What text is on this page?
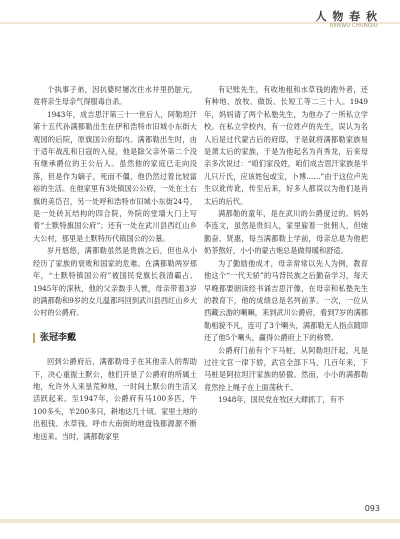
人 物 春 秋
RENWU CHUNQIU

个执事子弟，因抗婆时屡次往水井里扔脏元，竟将亲生母亲气得服毒自杀。

1943年，成吉思汗第三十一世后人，阿勒坦汗第十五代孙满都勒出生在伊和浩特市旧城小东街大观园的后院，原旗国公府邸内。满都勒出生时，由于适年战乱和日寇的入侵，他是除父亲外第二个没有继承爵位的王公后人。虽然他的家庭已走向没落，但是作为嫡子，死而不僵，他仍然过着比较富裕的生活。在他家里有3处镇国公公府，一处在土右旗的美岱召，另一处呼和浩特市旧城小东街24号，是一处砖瓦结构的四合院，外院的堂墙大门上写着“土默特旗国公府”；还有一处在武川县西红山乡大公村，那里是土默特历代镇国公的公墓。

岁月悠悠，满都勒虽然是贵族之后，但也从小经历了家族的衰败和国家的危难。在满都勒两岁那年，“土默特镇国公府”被国民党旗长我清霸占。1945年的深秋，他的父亲数手人寰，母亲带着3岁的满都勒和9岁的女儿温都玛回到武川县西红山乡大公村的公爵府。

张冠李戴

回到公爵府后，满都勒母子在其他亲人的帮助下，决心重振土默公，他们开垦了公爵府的所属土地，允许外人来垦荒种地，一时间土默公的生活又活跃起来。至1947年，公爵府有马100多匹，牛100多头，羊200多只，耕地达几十顷。家里土地的出租钱、水草钱、呼市大南街的地盘钱都源源不断地送来。当时，满都勒家里

有记账先生，有收地租和水草钱的跑外者，还有种地、放牧、做饭、长短工等二三十人。1949年，妈妈请了两个私塾先生，为他办了一所私立学校。在私立学校内，有一位姓卢的先生，误认为名人后是过代蒙古后的府邸，于是就将满都勒家族易是萧太后的家族，于是为他起名为肖秀龙，后来母亲多次说过：“咱们家没姓，咱们成吉思汗家族是半儿只斤氏，应该姓包或宝，卜博……”由于这位卢先生以讹传讹，传至后来，好多人都误以为他们是肖太后的后代。

满都勒的童年，是在武川的公爵度过的。妈妈李连文，虽然是贵妇人，家里雇着一批佣人，但她勤奋、贤惠，每当满都勒上学前，母亲总是为他把奶茶熬好，小小的蒙古炮总是做得暖和舒适。

为了勤励他成才，母亲常常以先人为例，教育他这个“一代天骄”的马背民族之后勤奋学习，每天早晚都要朗读经书诵吉思汗像，在母亲和私塾先生的教育下，他的成绩总是名列前茅。一次，一位从西藏云游的喇嘛，来到武川公爵府，看到7岁的满都勒相貌不凡，连可了3个喇头，满都勒无人指点随即还了他5个喇头，赢得公爵府上下的称赞。

公爵府门前有个下马桩，从阿勒坦汗起，凡是过往文官一律下轿，武官全部下马，几百年来，下马桩是阿拉坦汗家族的骄傲。然而，小小的满都勒竟然拴上绳子在上面荡秋千。

1948年，国民党在牧区大肆抓丁，有不

093
